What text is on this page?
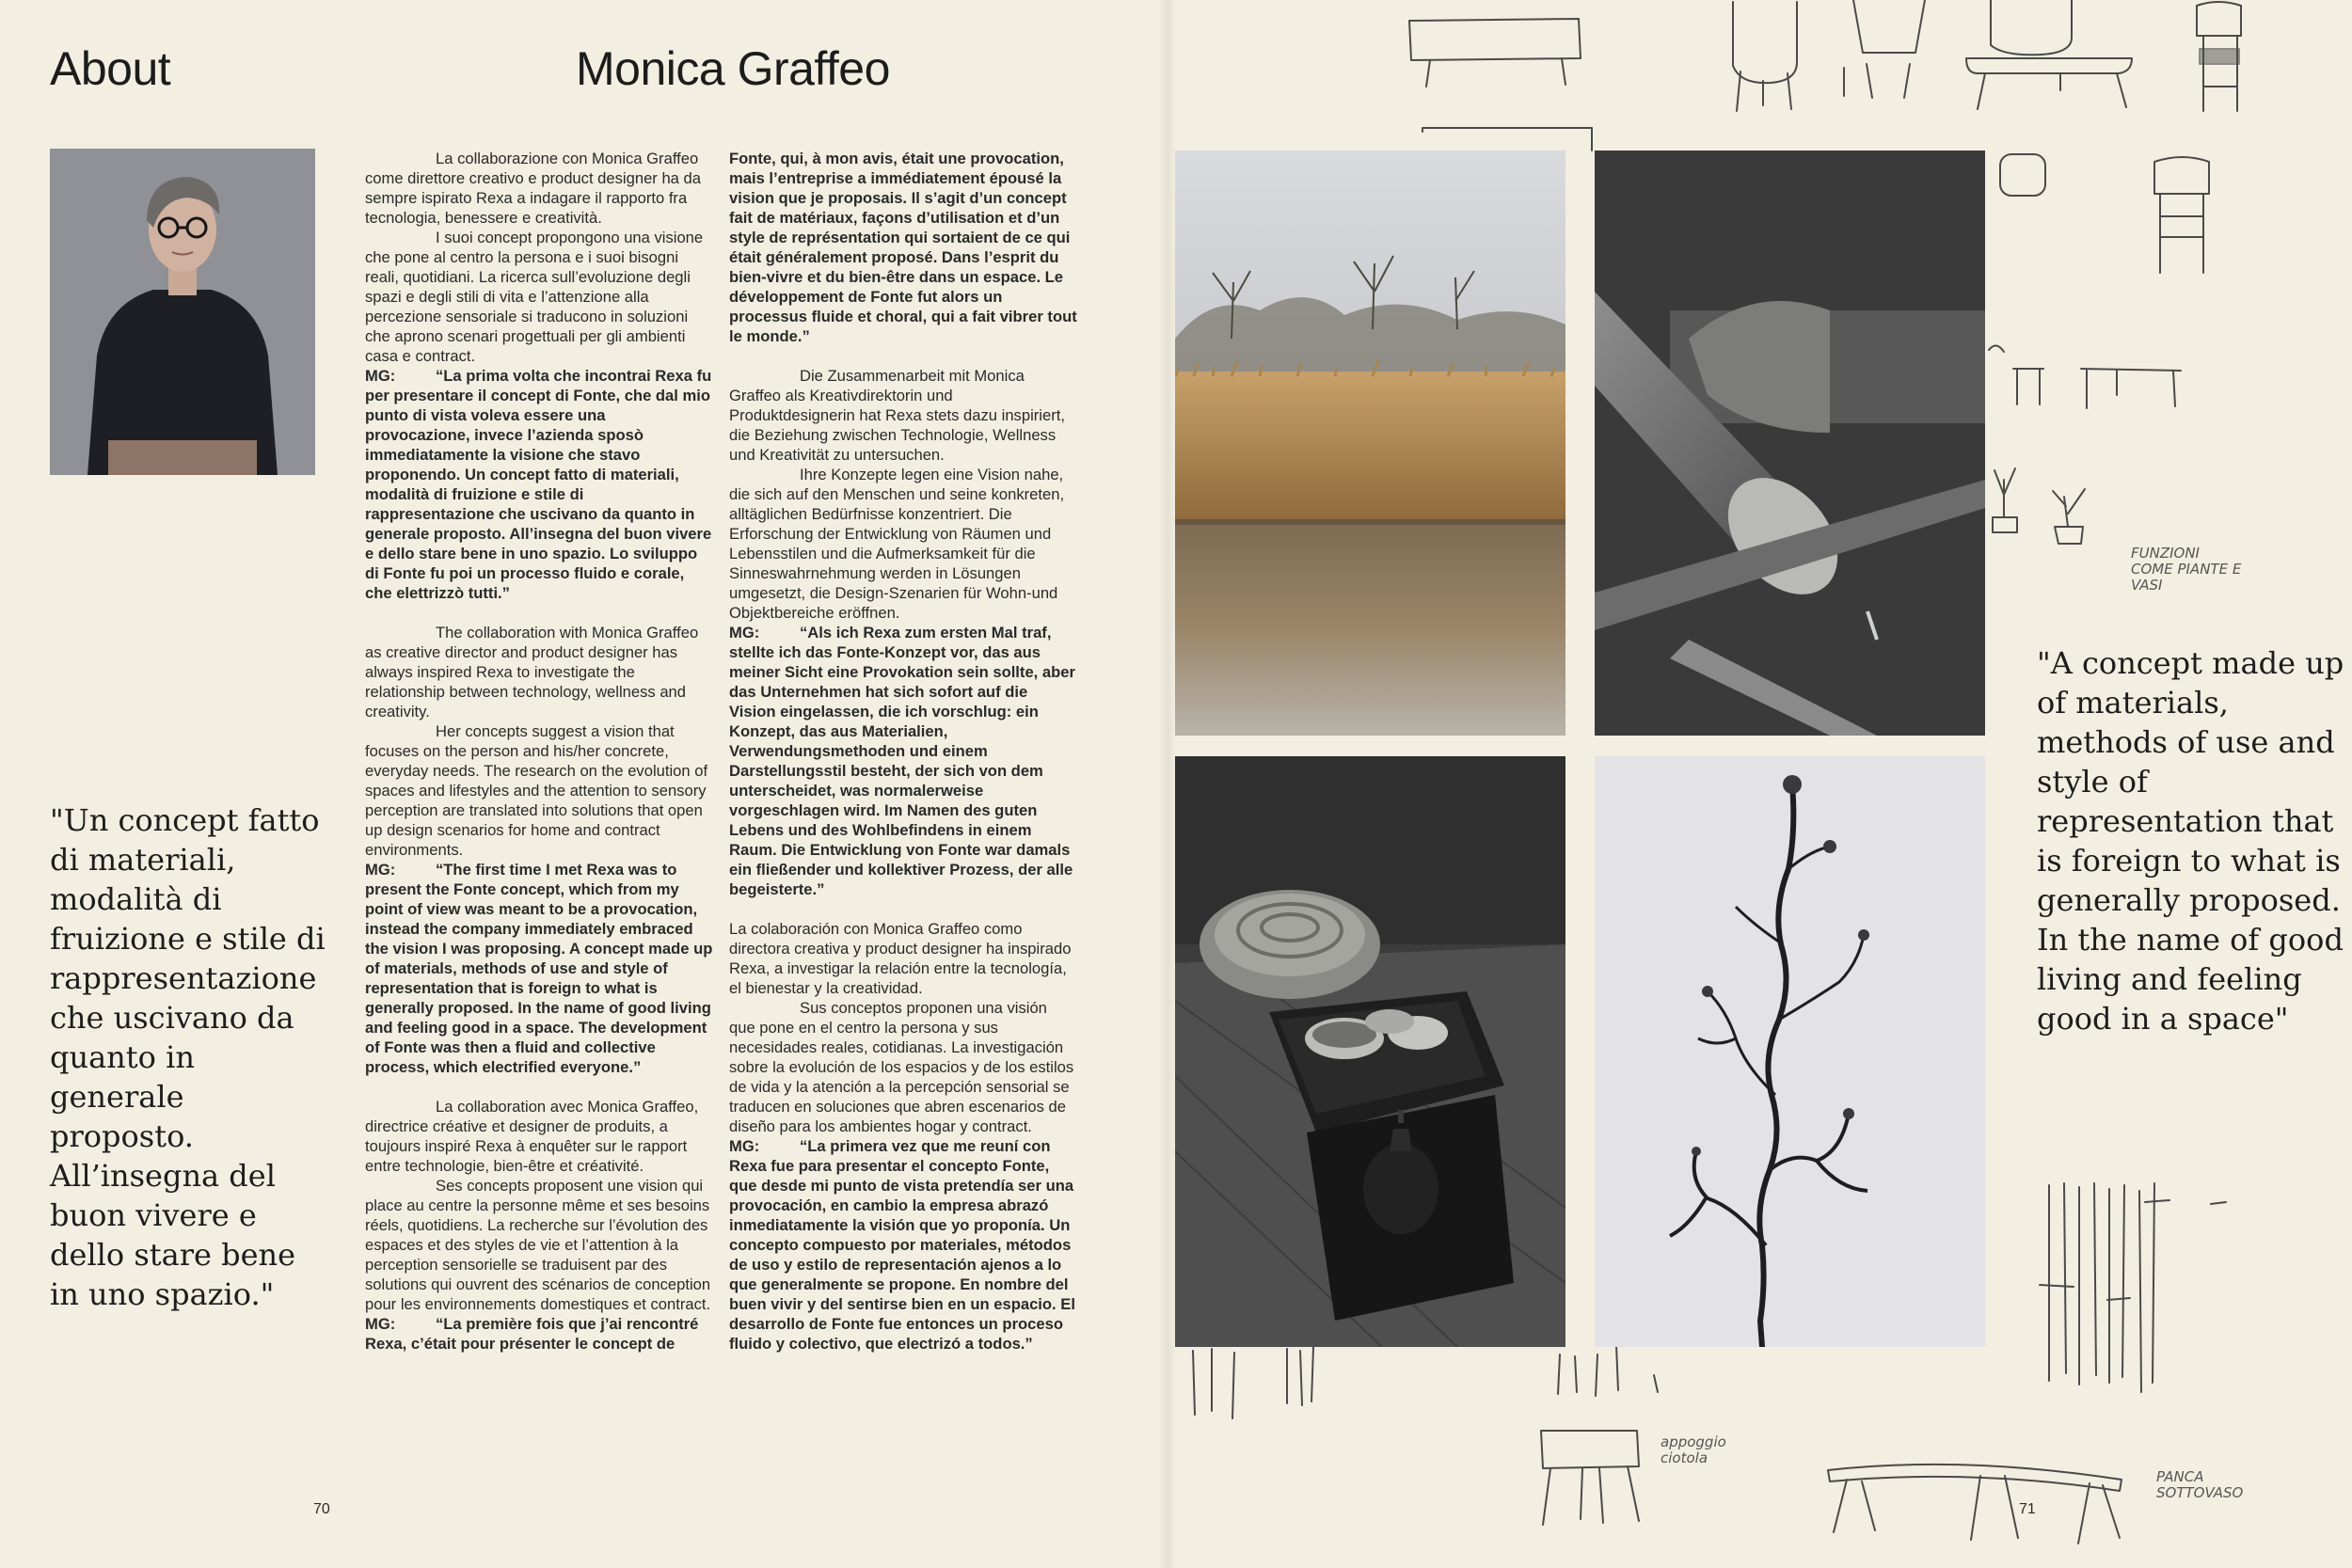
About	Monica Graffeo

"Un concept fatto di materiali, modalità di fruizione e stile di rappresentazione che uscivano da quanto in generale proposto. All’insegna del buon vivere e dello stare bene in uno spazio."

La collaborazione con Monica Graffeo come direttore creativo e product designer ha da sempre ispirato Rexa a indagare il rapporto fra tecnologia, benessere e creatività.

I suoi concept propongono una visione che pone al centro la persona e i suoi bisogni reali, quotidiani. La ricerca sull’evoluzione degli spazi e degli stili di vita e l’attenzione alla percezione sensoriale si traducono in soluzioni che aprono scenari progettuali per gli ambienti casa e contract.

MG:	“La prima volta che incontrai Rexa fu per presentare il concept di Fonte, che dal mio punto di vista voleva essere una provocazione, invece l’azienda sposò immediatamente la visione che stavo proponendo. Un concept fatto di materiali, modalità di fruizione e stile di rappresentazione che uscivano da quanto in generale proposto. All’insegna del buon vivere e dello stare bene in uno spazio. Lo sviluppo di Fonte fu poi un processo fluido e corale, che elettrizzò tutti.”

The collaboration with Monica Graffeo as creative director and product designer has always inspired Rexa to investigate the relationship between technology, wellness and creativity.

Her concepts suggest a vision that focuses on the person and his/her concrete, everyday needs. The research on the evolution of spaces and lifestyles and the attention to sensory perception are translated into solutions that open up design scenarios for home and contract environments.

MG:	“The first time I met Rexa was to present the Fonte concept, which from my point of view was meant to be a provocation, instead the company immediately embraced the vision I was proposing. A concept made up of materials, methods of use and style of representation that is foreign to what is generally proposed. In the name of good living and feeling good in a space. The development of Fonte was then a fluid and collective process, which electrified everyone.”

La collaboration avec Monica Graffeo, directrice créative et designer de produits, a toujours inspiré Rexa à enquêter sur le rapport entre technologie, bien-être et créativité.

Ses concepts proposent une vision qui place au centre la personne même et ses besoins réels, quotidiens. La recherche sur l’évolution des espaces et des styles de vie et l’attention à la perception sensorielle se traduisent par des solutions qui ouvrent des scénarios de conception pour les environnements domestiques et contract.

MG:	“La première fois que j’ai rencontré Rexa, c’était pour présenter le concept de

Fonte, qui, à mon avis, était une provocation, mais l’entreprise a immédiatement épousé la vision que je proposais. Il s’agit d’un concept fait de matériaux, façons d’utilisation et d’un style de représentation qui sortaient de ce qui était généralement proposé. Dans l’esprit du bien-vivre et du bien-être dans un espace. Le développement de Fonte fut alors un processus fluide et choral, qui a fait vibrer tout le monde.”

Die Zusammenarbeit mit Monica Graffeo als Kreativdirektorin und Produktdesignerin hat Rexa stets dazu inspiriert, die Beziehung zwischen Technologie, Wellness und Kreativität zu untersuchen.

Ihre Konzepte legen eine Vision nahe, die sich auf den Menschen und seine konkreten, alltäglichen Bedürfnisse konzentriert. Die Erforschung der Entwicklung von Räumen und Lebensstilen und die Aufmerksamkeit für die Sinneswahrnehmung werden in Lösungen umgesetzt, die Design-Szenarien für Wohn-und Objektbereiche eröffnen.

MG:	“Als ich Rexa zum ersten Mal traf, stellte ich das Fonte-Konzept vor, das aus meiner Sicht eine Provokation sein sollte, aber das Unternehmen hat sich sofort auf die Vision eingelassen, die ich vorschlug: ein Konzept, das aus Materialien, Verwendungsmethoden und einem Darstellungsstil besteht, der sich von dem unterscheidet, was normalerweise vorgeschlagen wird. Im Namen des guten Lebens und des Wohlbefindens in einem Raum. Die Entwicklung von Fonte war damals ein fließender und kollektiver Prozess, der alle begeisterte.”

La colaboración con Monica Graffeo como directora creativa y product designer ha inspirado Rexa, a investigar la relación entre la tecnología, el bienestar y la creatividad.

Sus conceptos proponen una visión que pone en el centro la persona y sus necesidades reales, cotidianas. La investigación sobre la evolución de los espacios y de los estilos de vida y la atención a la percepción sensorial se traducen en soluciones que abren escenarios de diseño para los ambientes hogar y contract.

MG:	“La primera vez que me reuní con Rexa fue para presentar el concepto Fonte, que desde mi punto de vista pretendía ser una provocación, en cambio la empresa abrazó inmediatamente la visión que yo proponía. Un concepto compuesto por materiales, métodos de uso y estilo de representación ajenos a lo que generalmente se propone. En nombre del buen vivir y del sentirse bien en un espacio. El desarrollo de Fonte fue entonces un proceso fluido y colectivo, que electrizó a todos.”

70
FUNZIONI COME PIANTE E VASI
appoggio ciotola
PANCA SOTTOVASO

"A concept made up of materials, methods of use and style of representation that is foreign to what is generally proposed. In the name of good living and feeling good in a space"

71
